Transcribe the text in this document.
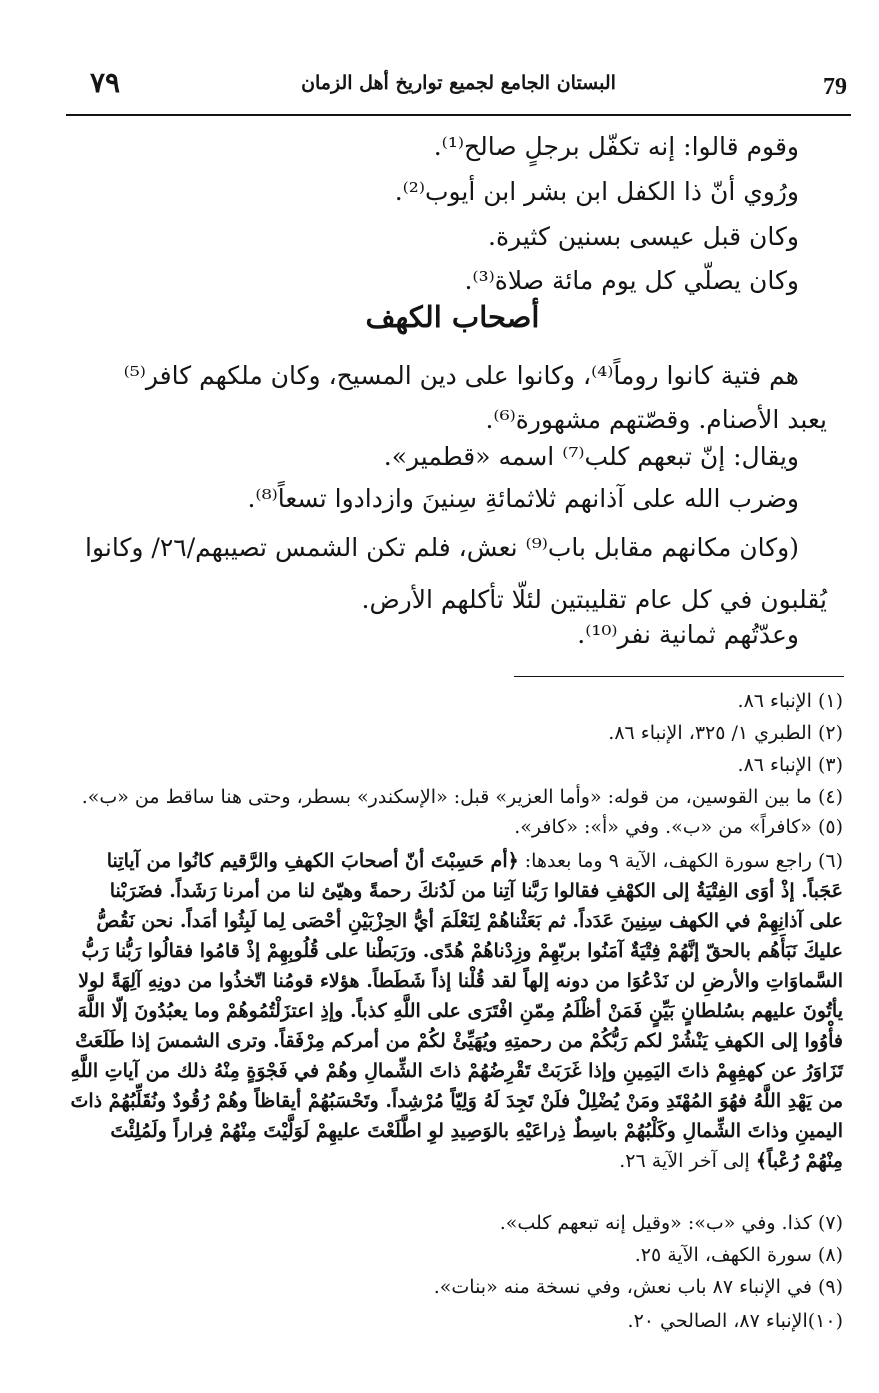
٧٩	البستان الجامع لجميع تواريخ أهل الزمان	79

وقوم قالوا: إنه تكفّل برجلٍ صالح⁽¹⁾.

ورُوي أنّ ذا الكفل ابن بشر ابن أيوب⁽²⁾.

وكان قبل عيسى بسنين كثيرة.

وكان يصلّي كل يوم مائة صلاة⁽³⁾.

أصحاب الكهف
هم فتية كانوا روماً⁽⁴⁾، وكانوا على دين المسيح، وكان ملكهم كافر⁽⁵⁾
يعبد الأصنام. وقصّتهم مشهورة⁽⁶⁾.

ويقال: إنّ تبعهم كلب⁽⁷⁾ اسمه «قطمير».

وضرب الله على آذانهم ثلاثمائةِ سِنينَ وازدادوا تسعاً⁽⁸⁾.

(وكان مكانهم مقابل باب⁽⁹⁾ نعش، فلم تكن الشمس تصيبهم/٢٦/ وكانوا
يُقلبون في كل عام تقليبتين لئلّا تأكلهم الأرض.

وعدّتُهم ثمانية نفر⁽¹⁰⁾.

(١) الإنباء ٨٦.
(٢) الطبري ١/ ٣٢٥، الإنباء ٨٦.
(٣) الإنباء ٨٦.
(٤) ما بين القوسين، من قوله: «وأما العزير» قبل: «الإسكندر» بسطر، وحتى هنا ساقط من «ب».
(٥) «كافراً» من «ب». وفي «أ»: «كافر».
(٦) راجع سورة الكهف، الآية ٩ وما بعدها: ﴿أم حَسِبْتَ أنّ أصحابَ الكهفِ والرَّقيم كانُوا من آياتِنا عَجَباً. إذْ أوَى الفِتْيَةُ إلى الكهْفِ فقالوا رَبَّنا آتِنا من لَدُنكَ رحمةً وهيّئ لنا من أمرنا رَشَداً. فضَرَبْنا على آذانِهِمْ في الكهف سِنِينَ عَدَداً. ثم بَعَثْناهُمْ لِنَعْلَمَ أيُّ الحِزْبَيْنِ أحْصَى لِما لَبِثُوا أمَداً. نحن نَقُصُّ عليكَ نَبَأَهُم بالحقّ إنَّهُمْ فِتْيَةٌ آمَنُوا بربّهِمْ وزِدْناهُمْ هُدًى. ورَبَطْنا على قُلُوبِهِمْ إذْ قامُوا فقالُوا رَبُّنا رَبُّ السَّماوَاتِ والأرضِ لن نَدْعُوَا من دونه إلهاً لقد قُلْنا إذاً شَطَطاً. هؤلاء قومُنا اتّخذُوا من دونِهِ آلِهَةً لولا يأتُونَ عليهم بسُلطانٍ بَيِّنٍ فَمَنْ أظْلَمُ مِمّنِ افْتَرَى على اللَّهِ كذباً. وإذِ اعتزَلْتُمُوهُمْ وما يعبُدُونَ إلّا اللَّهَ فأْوُوا إلى الكهفِ يَنْشُرْ لكم رَبُّكُمْ من رحمتِهِ ويُهَيِّئْ لكُمْ من أمركم مِرْفَقاً. وترى الشمسَ إذا طَلَعَتْ تَزَاوَرُ عن كهفِهِمْ ذاتَ اليَمِينِ وإذا غَرَبَتْ تَقْرِضُهُمْ ذاتَ الشِّمالِ وهُمْ في فَجْوَةٍ مِنْهُ ذلك من آياتِ اللَّهِ من يَهْدِ اللَّهُ فهُوَ المُهْتَدِ ومَنْ يُضْلِلْ فلَنْ تَجِدَ لَهُ وَلِيّاً مُرْشِداً. وتَحْسَبُهُمْ أيقاظاً وهُمْ رُقُودٌ ونُقَلِّبُهُمْ ذاتَ اليمينِ وذاتَ الشِّمالِ وكَلْبُهُمْ باسِطٌ ذِراعَيْهِ بالوَصِيدِ لوِ اطَّلَعْتَ عليهِمْ لَوَلَّيْتَ مِنْهُمْ فِراراً ولَمُلِئْتَ مِنْهُمْ رُعْباً﴾ إلى آخر الآية ٢٦.
(٧) كذا. وفي «ب»: «وقيل إنه تبعهم كلب».
(٨) سورة الكهف، الآية ٢٥.
(٩) في الإنباء ٨٧ باب نعش، وفي نسخة منه «بنات».
(١٠)الإنباء ٨٧، الصالحي ٢٠.
